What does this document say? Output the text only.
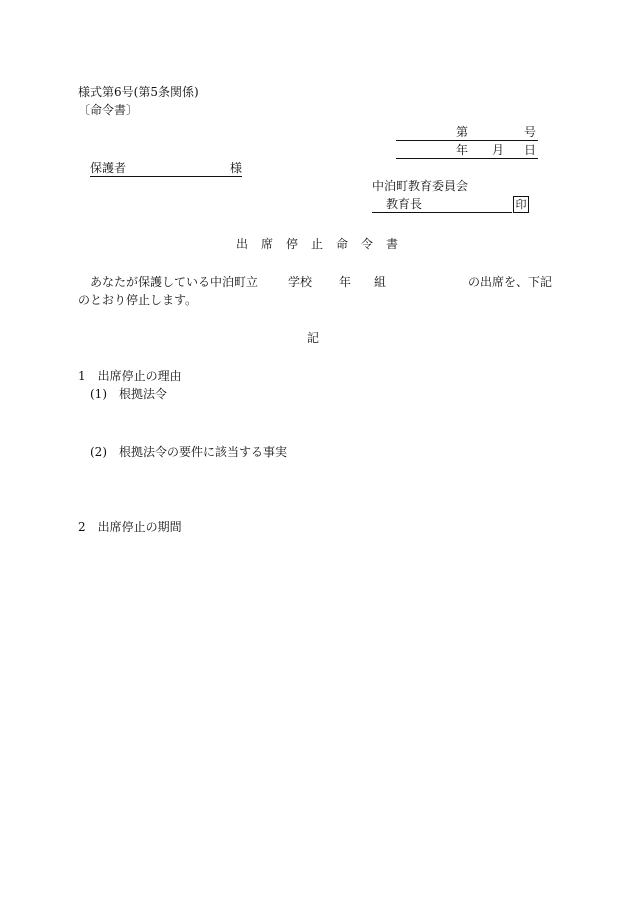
様式第6号(第5条関係)
〔命令書〕
第	号
年 月 日
保護者	様
中泊町教育委員会
教育長	印
出 席 停 止 命 令 書
あなたが保護している中泊町立 学校 年 組	の出席を、下記
のとおり停止します。
記
1　出席停止の理由
(1)　根拠法令
(2)　根拠法令の要件に該当する事実
2　出席停止の期間
